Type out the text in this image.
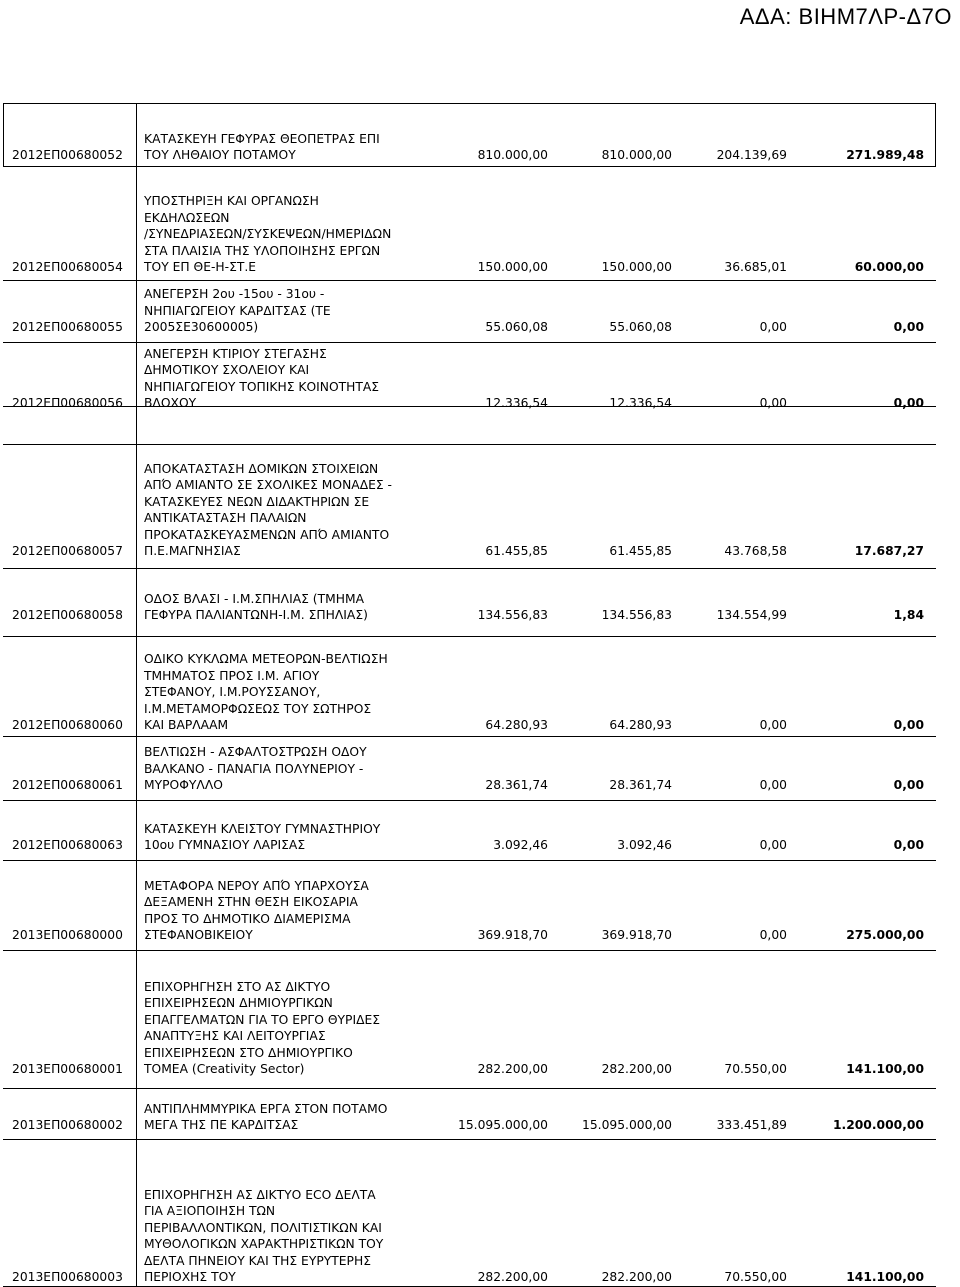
ΑΔΑ: ΒΙΗΜ7ΛΡ-Δ7Ο
2012ΕΠ00680052
ΚΑΤΑΣΚΕΥΗ ΓΕΦΥΡΑΣ ΘΕΟΠΕΤΡΑΣ ΕΠΙ
ΤΟΥ ΛΗΘΑΙΟΥ ΠΟΤΑΜΟΥ	810.000,00	810.000,00	204.139,69	271.989,48
2012ΕΠ00680054
ΥΠΟΣΤΗΡΙΞΗ ΚΑΙ ΟΡΓΑΝΩΣΗ
ΕΚΔΗΛΩΣΕΩΝ
/ΣΥΝΕΔΡΙΑΣΕΩΝ/ΣΥΣΚΕΨΕΩΝ/ΗΜΕΡΙΔΩΝ
ΣΤΑ ΠΛΑΙΣΙΑ ΤΗΣ ΥΛΟΠΟΙΗΣΗΣ ΕΡΓΩΝ
ΤΟΥ ΕΠ ΘΕ-Η-ΣΤ.Ε	150.000,00	150.000,00	36.685,01	60.000,00
2012ΕΠ00680055
ΑΝΕΓΕΡΣΗ 2ου -15ου - 31ου -
ΝΗΠΙΑΓΩΓΕΙΟΥ ΚΑΡΔΙΤΣΑΣ (ΤΕ
2005ΣΕ30600005)	55.060,08	55.060,08	0,00	0,00
2012ΕΠ00680056
ΑΝΕΓΕΡΣΗ ΚΤΙΡΙΟΥ ΣΤΕΓΑΣΗΣ
ΔΗΜΟΤΙΚΟΥ ΣΧΟΛΕΙΟΥ ΚΑΙ
ΝΗΠΙΑΓΩΓΕΙΟΥ ΤΟΠΙΚΗΣ ΚΟΙΝΟΤΗΤΑΣ
ΒΛΟΧΟΥ	12.336,54	12.336,54	0,00	0,00
2012ΕΠ00680057
ΑΠΟΚΑΤΑΣΤΑΣΗ ΔΟΜΙΚΩΝ ΣΤΟΙΧΕΙΩΝ
ΑΠΌ ΑΜΙΑΝΤΟ ΣΕ ΣΧΟΛΙΚΕΣ ΜΟΝΑΔΕΣ -
ΚΑΤΑΣΚΕΥΕΣ ΝΕΩΝ ΔΙΔΑΚΤΗΡΙΩΝ ΣΕ
ΑΝΤΙΚΑΤΑΣΤΑΣΗ ΠΑΛΑΙΩΝ
ΠΡΟΚΑΤΑΣΚΕΥΑΣΜΕΝΩΝ ΑΠΌ ΑΜΙΑΝΤΟ
Π.Ε.ΜΑΓΝΗΣΙΑΣ	61.455,85	61.455,85	43.768,58	17.687,27
2012ΕΠ00680058
ΟΔΟΣ ΒΛΑΣΙ - Ι.Μ.ΣΠΗΛΙΑΣ (ΤΜΗΜΑ
ΓΕΦΥΡΑ ΠΑΛΙΑΝΤΩΝΗ-Ι.Μ. ΣΠΗΛΙΑΣ)	134.556,83	134.556,83	134.554,99	1,84
2012ΕΠ00680060
ΟΔΙΚΟ ΚΥΚΛΩΜΑ ΜΕΤΕΟΡΩΝ-ΒΕΛΤΙΩΣΗ
ΤΜΗΜΑΤΟΣ ΠΡΟΣ Ι.Μ. ΑΓΙΟΥ
ΣΤΕΦΑΝΟΥ, Ι.Μ.ΡΟΥΣΣΑΝΟΥ,
Ι.Μ.ΜΕΤΑΜΟΡΦΩΣΕΩΣ ΤΟΥ ΣΩΤΗΡΟΣ
ΚΑΙ ΒΑΡΛΑΑΜ	64.280,93	64.280,93	0,00	0,00
2012ΕΠ00680061
ΒΕΛΤΙΩΣΗ - ΑΣΦΑΛΤΟΣΤΡΩΣΗ ΟΔΟΥ
ΒΑΛΚΑΝΟ - ΠΑΝΑΓΙΑ ΠΟΛΥΝΕΡΙΟΥ -
ΜΥΡΟΦΥΛΛΟ	28.361,74	28.361,74	0,00	0,00
2012ΕΠ00680063
ΚΑΤΑΣΚΕΥΗ ΚΛΕΙΣΤΟΥ ΓΥΜΝΑΣΤΗΡΙΟΥ
10ου ΓΥΜΝΑΣΙΟΥ ΛΑΡΙΣΑΣ	3.092,46	3.092,46	0,00	0,00
2013ΕΠ00680000
ΜΕΤΑΦΟΡΑ ΝΕΡΟΥ ΑΠΌ ΥΠΑΡΧΟΥΣΑ
ΔΕΞΑΜΕΝΗ ΣΤΗΝ ΘΕΣΗ ΕΙΚΟΣΑΡΙΑ
ΠΡΟΣ ΤΟ ΔΗΜΟΤΙΚΟ ΔΙΑΜΕΡΙΣΜΑ
ΣΤΕΦΑΝΟΒΙΚΕΙΟΥ	369.918,70	369.918,70	0,00	275.000,00
2013ΕΠ00680001
ΕΠΙΧΟΡΗΓΗΣΗ ΣΤΟ ΑΣ ΔΙΚΤΥΟ
ΕΠΙΧΕΙΡΗΣΕΩΝ ΔΗΜΙΟΥΡΓΙΚΩΝ
ΕΠΑΓΓΕΛΜΑΤΩΝ ΓΙΑ ΤΟ ΕΡΓΟ ΘΥΡΙΔΕΣ
ΑΝΑΠΤΥΞΗΣ ΚΑΙ ΛΕΙΤΟΥΡΓΙΑΣ
ΕΠΙΧΕΙΡΗΣΕΩΝ ΣΤΟ ΔΗΜΙΟΥΡΓΙΚΟ
ΤΟΜΕΑ (Creativity Sector)	282.200,00	282.200,00	70.550,00	141.100,00
2013ΕΠ00680002
ΑΝΤΙΠΛΗΜΜΥΡΙΚΑ ΕΡΓΑ ΣΤΟΝ ΠΟΤΑΜΟ
ΜΕΓΑ ΤΗΣ ΠΕ ΚΑΡΔΙΤΣΑΣ	15.095.000,00	15.095.000,00	333.451,89	1.200.000,00
2013ΕΠ00680003
ΕΠΙΧΟΡΗΓΗΣΗ ΑΣ ΔΙΚΤΥΟ ECO ΔΕΛΤΑ
ΓΙΑ ΑΞΙΟΠΟΙΗΣΗ ΤΩΝ
ΠΕΡΙΒΑΛΛΟΝΤΙΚΩΝ, ΠΟΛΙΤΙΣΤΙΚΩΝ ΚΑΙ
ΜΥΘΟΛΟΓΙΚΩΝ ΧΑΡΑΚΤΗΡΙΣΤΙΚΩΝ ΤΟΥ
ΔΕΛΤΑ ΠΗΝΕΙΟΥ ΚΑΙ ΤΗΣ ΕΥΡΥΤΕΡΗΣ
ΠΕΡΙΟΧΗΣ ΤΟΥ	282.200,00	282.200,00	70.550,00	141.100,00
